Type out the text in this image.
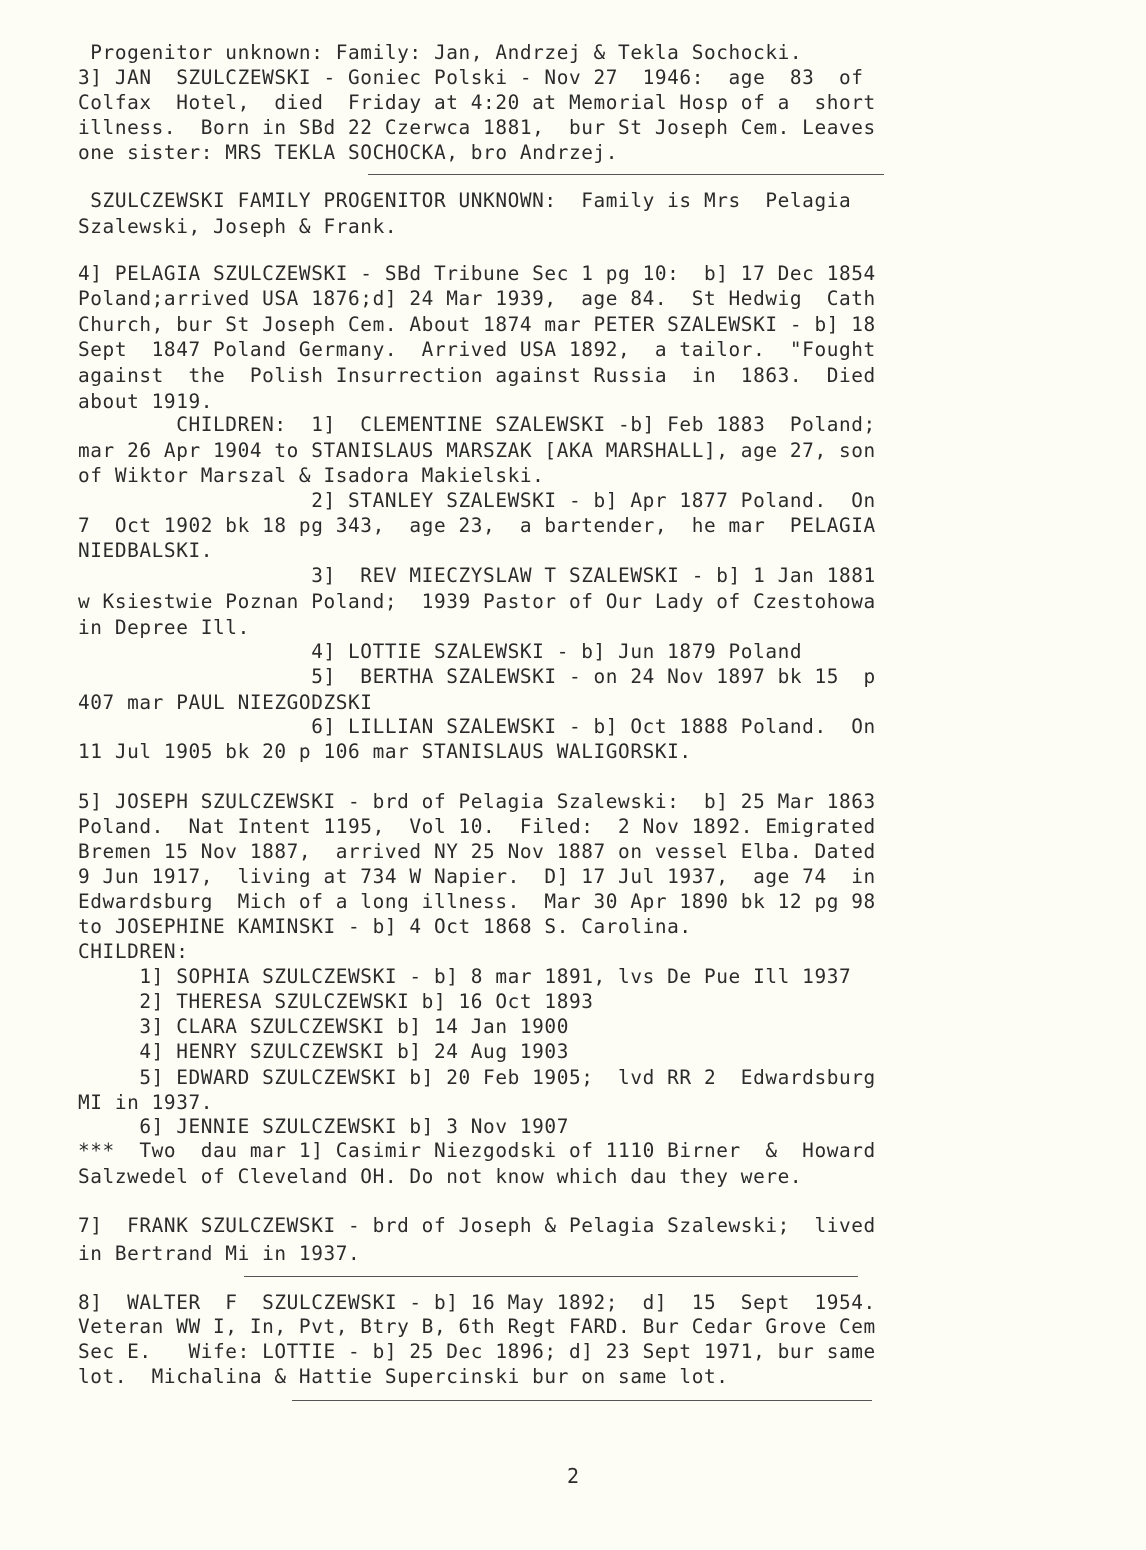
Progenitor unknown: Family: Jan, Andrzej & Tekla Sochocki.
3] JAN  SZULCZEWSKI - Goniec Polski - Nov 27  1946:  age  83  of
Colfax  Hotel,  died  Friday at 4:20 at Memorial Hosp of a  short
illness.  Born in SBd 22 Czerwca 1881,  bur St Joseph Cem. Leaves
one sister: MRS TEKLA SOCHOCKA, bro Andrzej.
SZULCZEWSKI FAMILY PROGENITOR UNKNOWN:  Family is Mrs  Pelagia
Szalewski, Joseph & Frank.
4] PELAGIA SZULCZEWSKI - SBd Tribune Sec 1 pg 10:  b] 17 Dec 1854
Poland;arrived USA 1876;d] 24 Mar 1939,  age 84.  St Hedwig  Cath
Church, bur St Joseph Cem. About 1874 mar PETER SZALEWSKI - b] 18
Sept  1847 Poland Germany.  Arrived USA 1892,  a tailor.  "Fought
against  the  Polish Insurrection against Russia  in  1863.  Died
about 1919.
CHILDREN:  1]  CLEMENTINE SZALEWSKI -b] Feb 1883  Poland;
mar 26 Apr 1904 to STANISLAUS MARSZAK [AKA MARSHALL], age 27, son
of Wiktor Marszal & Isadora Makielski.
2] STANLEY SZALEWSKI - b] Apr 1877 Poland.  On
7  Oct 1902 bk 18 pg 343,  age 23,  a bartender,  he mar  PELAGIA
NIEDBALSKI.
3]  REV MIECZYSLAW T SZALEWSKI - b] 1 Jan 1881
w Ksiestwie Poznan Poland;  1939 Pastor of Our Lady of Czestohowa
in Depree Ill.
4] LOTTIE SZALEWSKI - b] Jun 1879 Poland
5]  BERTHA SZALEWSKI - on 24 Nov 1897 bk 15  p
407 mar PAUL NIEZGODZSKI
6] LILLIAN SZALEWSKI - b] Oct 1888 Poland.  On
11 Jul 1905 bk 20 p 106 mar STANISLAUS WALIGORSKI.
5] JOSEPH SZULCZEWSKI - brd of Pelagia Szalewski:  b] 25 Mar 1863
Poland.  Nat Intent 1195,  Vol 10.  Filed:  2 Nov 1892. Emigrated
Bremen 15 Nov 1887,  arrived NY 25 Nov 1887 on vessel Elba. Dated
9 Jun 1917,  living at 734 W Napier.  D] 17 Jul 1937,  age 74  in
Edwardsburg  Mich of a long illness.  Mar 30 Apr 1890 bk 12 pg 98
to JOSEPHINE KAMINSKI - b] 4 Oct 1868 S. Carolina.
CHILDREN:
1] SOPHIA SZULCZEWSKI - b] 8 mar 1891, lvs De Pue Ill 1937
2] THERESA SZULCZEWSKI b] 16 Oct 1893
3] CLARA SZULCZEWSKI b] 14 Jan 1900
4] HENRY SZULCZEWSKI b] 24 Aug 1903
5] EDWARD SZULCZEWSKI b] 20 Feb 1905;  lvd RR 2  Edwardsburg
MI in 1937.
6] JENNIE SZULCZEWSKI b] 3 Nov 1907
***  Two  dau mar 1] Casimir Niezgodski of 1110 Birner  &  Howard
Salzwedel of Cleveland OH. Do not know which dau they were.
7]  FRANK SZULCZEWSKI - brd of Joseph & Pelagia Szalewski;  lived
in Bertrand Mi in 1937.
8]  WALTER  F  SZULCZEWSKI - b] 16 May 1892;  d]  15  Sept  1954.
Veteran WW I, In, Pvt, Btry B, 6th Regt FARD. Bur Cedar Grove Cem
Sec E.   Wife: LOTTIE - b] 25 Dec 1896; d] 23 Sept 1971, bur same
lot.  Michalina & Hattie Supercinski bur on same lot.
2
